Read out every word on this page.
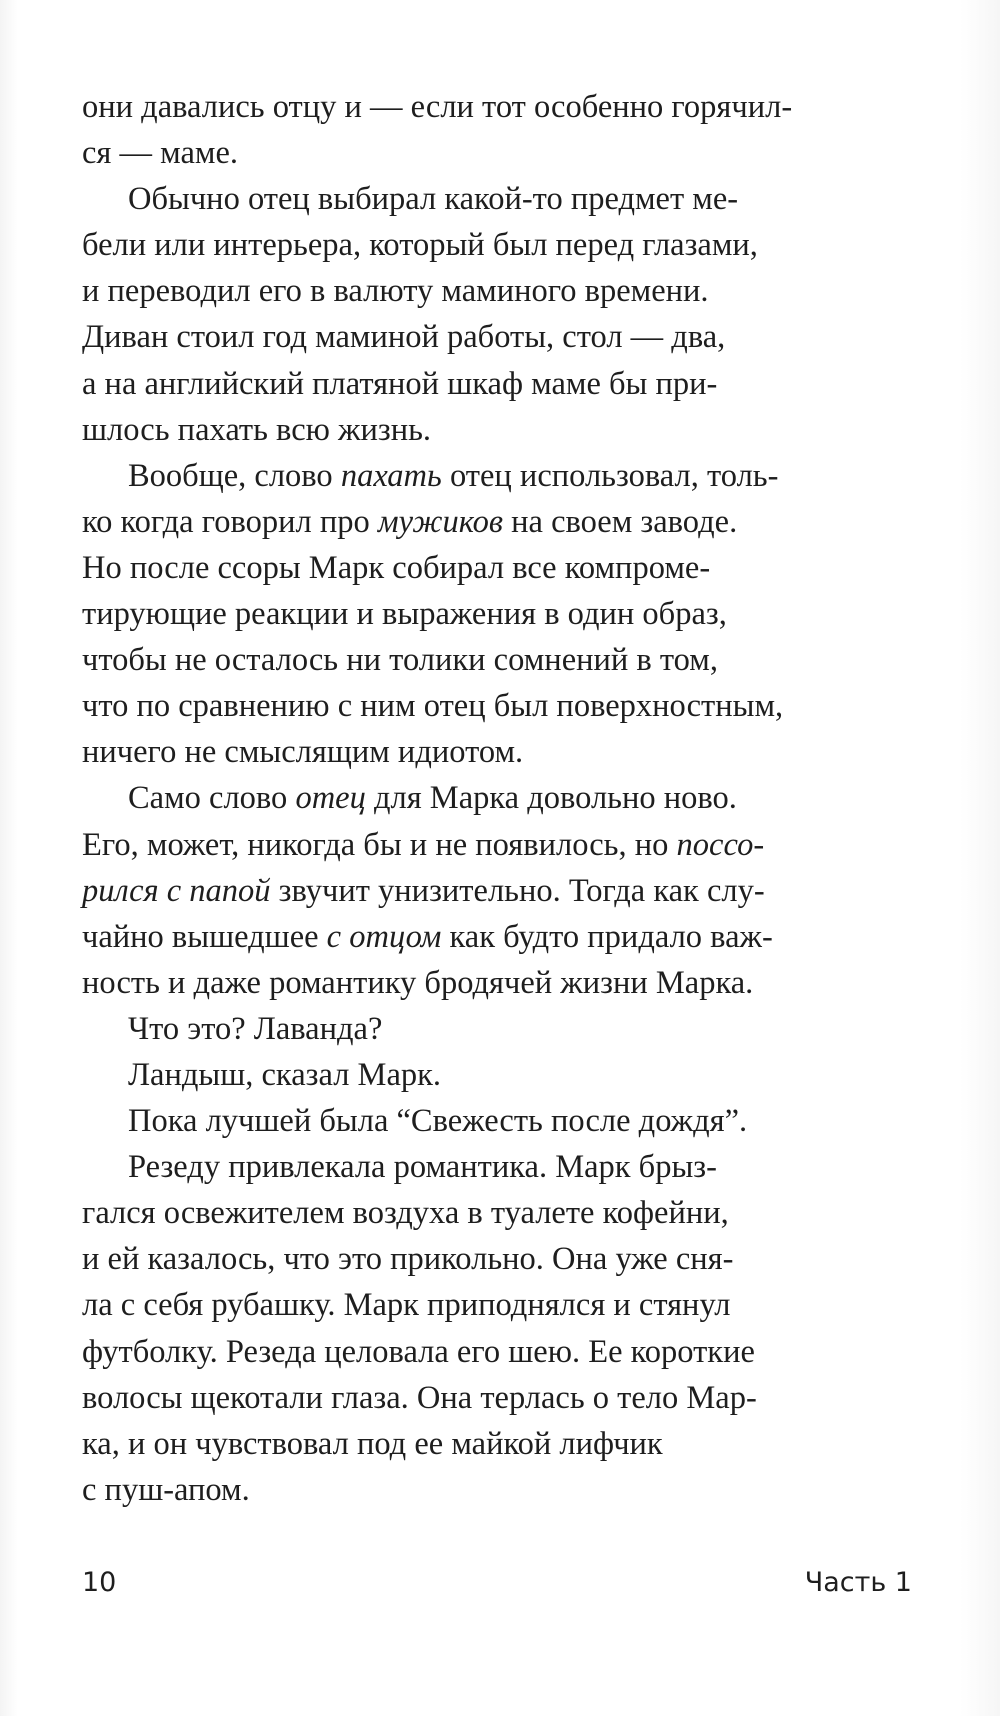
они давались отцу и — если тот особенно горячил-
ся — маме.
Обычно отец выбирал какой-то предмет ме-
бели или интерьера, который был перед глазами,
и переводил его в валюту маминого времени.
Диван стоил год маминой работы, стол — два,
а на английский платяной шкаф маме бы при-
шлось пахать всю жизнь.
Вообще, слово пахать отец использовал, толь-
ко когда говорил про мужиков на своем заводе.
Но после ссоры Марк собирал все компроме-
тирующие реакции и выражения в один образ,
чтобы не осталось ни толики сомнений в том,
что по сравнению с ним отец был поверхностным,
ничего не смыслящим идиотом.
Само слово отец для Марка довольно ново.
Его, может, никогда бы и не появилось, но поссо-
рился с папой звучит унизительно. Тогда как слу-
чайно вышедшее с отцом как будто придало важ-
ность и даже романтику бродячей жизни Марка.
Что это? Лаванда?
Ландыш, сказал Марк.
Пока лучшей была “Свежесть после дождя”.
Резеду привлекала романтика. Марк брыз-
гался освежителем воздуха в туалете кофейни,
и ей казалось, что это прикольно. Она уже сня-
ла с себя рубашку. Марк приподнялся и стянул
футболку. Резеда целовала его шею. Ее короткие
волосы щекотали глаза. Она терлась о тело Мар-
ка, и он чувствовал под ее майкой лифчик
с пуш-апом.
10	Часть 1
